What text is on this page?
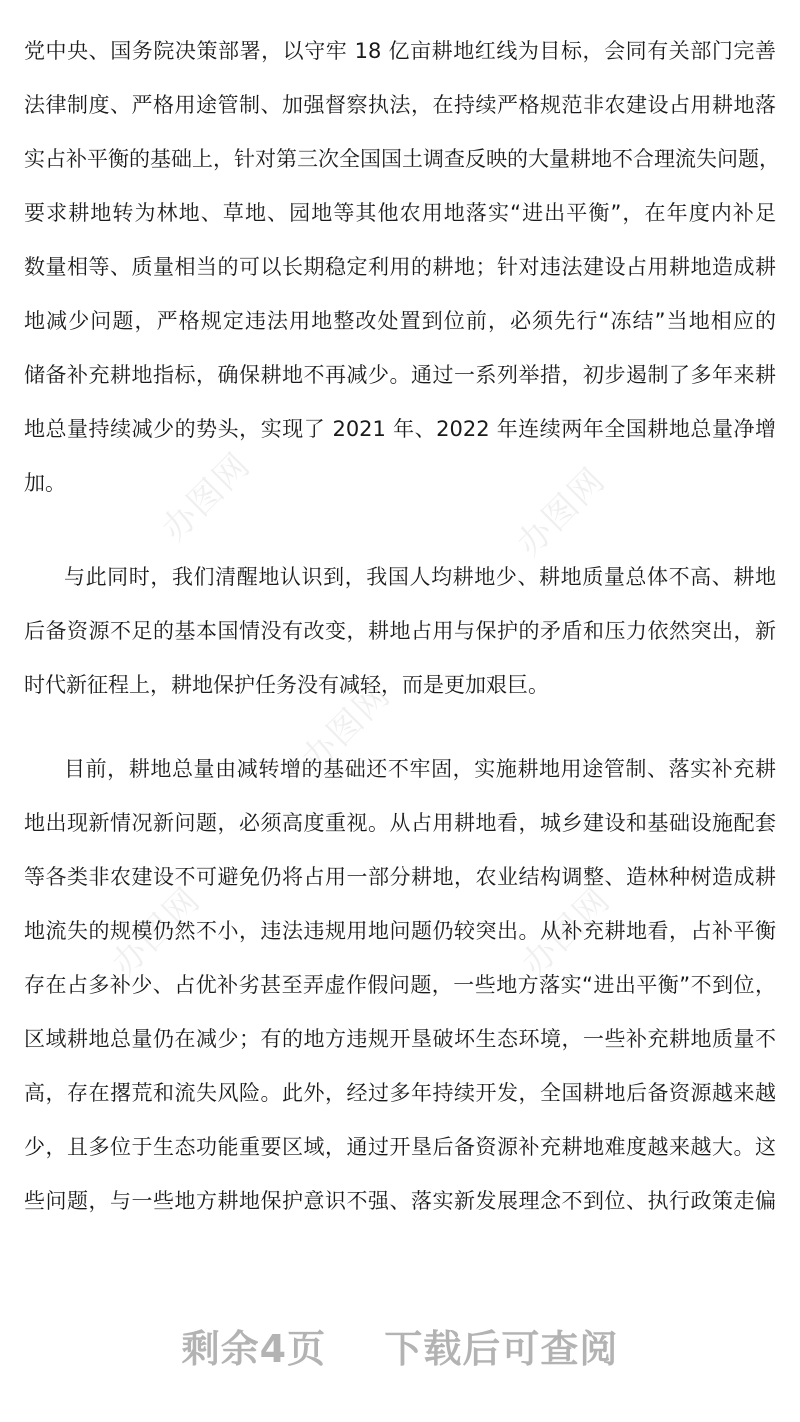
办图网	办图网
办图网
办图网	办图网
党中央、国务院决策部署，以守牢 18 亿亩耕地红线为目标，会同有关部门完善
法律制度、严格用途管制、加强督察执法，在持续严格规范非农建设占用耕地落
实占补平衡的基础上，针对第三次全国国土调查反映的大量耕地不合理流失问题，
要求耕地转为林地、草地、园地等其他农用地落实“进出平衡”，在年度内补足
数量相等、质量相当的可以长期稳定利用的耕地；针对违法建设占用耕地造成耕
地减少问题，严格规定违法用地整改处置到位前，必须先行“冻结”当地相应的
储备补充耕地指标，确保耕地不再减少。通过一系列举措，初步遏制了多年来耕
地总量持续减少的势头，实现了 2021 年、2022 年连续两年全国耕地总量净增
加。
与此同时，我们清醒地认识到，我国人均耕地少、耕地质量总体不高、耕地
后备资源不足的基本国情没有改变，耕地占用与保护的矛盾和压力依然突出，新
时代新征程上，耕地保护任务没有减轻，而是更加艰巨。
目前，耕地总量由减转增的基础还不牢固，实施耕地用途管制、落实补充耕
地出现新情况新问题，必须高度重视。从占用耕地看，城乡建设和基础设施配套
等各类非农建设不可避免仍将占用一部分耕地，农业结构调整、造林种树造成耕
地流失的规模仍然不小，违法违规用地问题仍较突出。从补充耕地看，占补平衡
存在占多补少、占优补劣甚至弄虚作假问题，一些地方落实“进出平衡”不到位，
区域耕地总量仍在减少；有的地方违规开垦破坏生态环境，一些补充耕地质量不
高，存在撂荒和流失风险。此外，经过多年持续开发，全国耕地后备资源越来越
少，且多位于生态功能重要区域，通过开垦后备资源补充耕地难度越来越大。这
些问题，与一些地方耕地保护意识不强、落实新发展理念不到位、执行政策走偏
剩余4页 下载后可查阅
